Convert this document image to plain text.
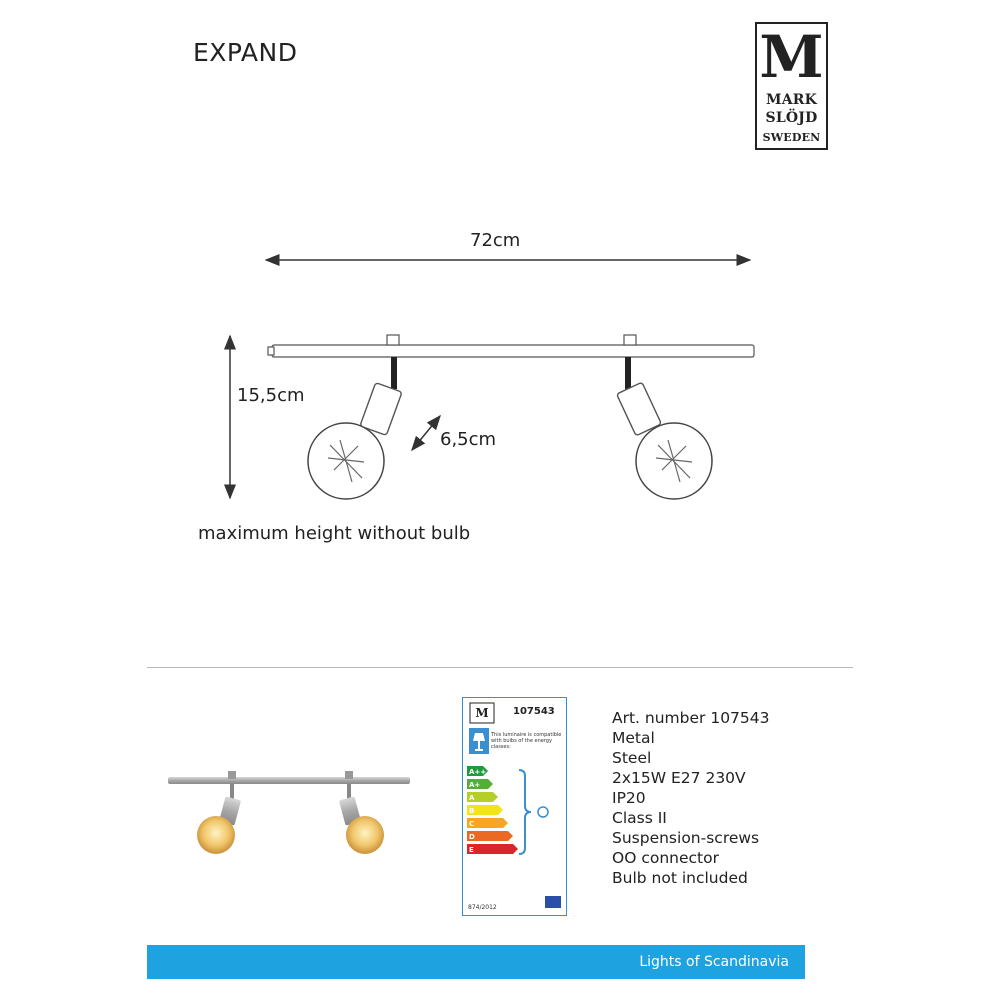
EXPAND	M
MARK
SLÖJD
SWEDEN
72cm
15,5cm
6,5cm
maximum height without bulb
M 107543
This luminaire is compatible with bulbs of the energy classes:
A++
A+
A
B
C
D
E
874/2012
Art. number 107543
Metal
Steel
2x15W E27 230V
IP20
Class II
Suspension-screws
OO connector
Bulb not included
Lights of Scandinavia
